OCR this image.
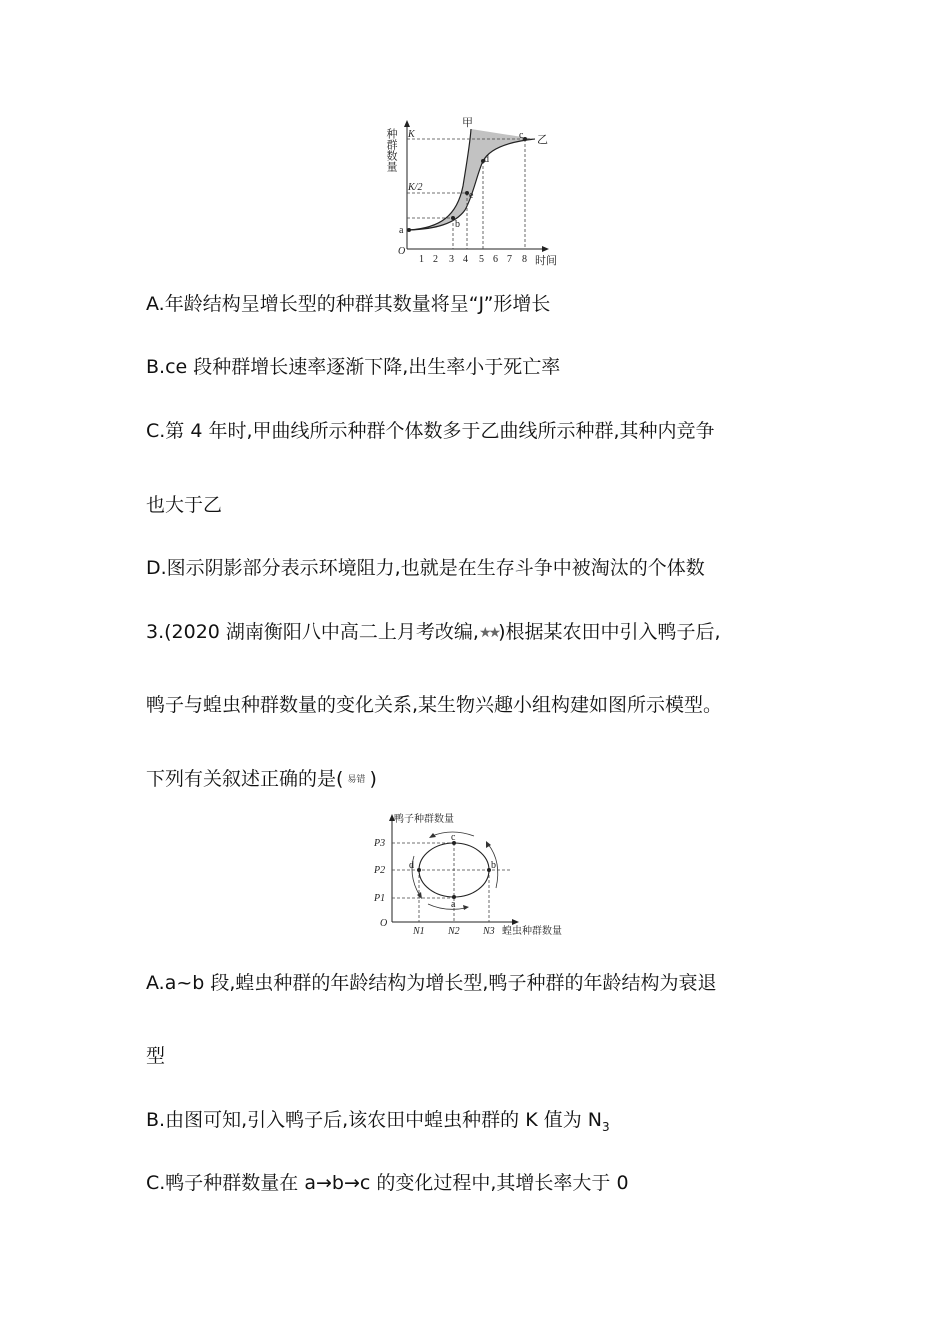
种群数量
O
K
K/2
甲
乙
a
b
c
d
e
1 2 3 4 5 6 7 8 时间
A.年龄结构呈增长型的种群其数量将呈“J”形增长
B.ce 段种群增长速率逐渐下降,出生率小于死亡率
C.第 4 年时,甲曲线所示种群个体数多于乙曲线所示种群,其种内竞争
也大于乙
D.图示阴影部分表示环境阻力,也就是在生存斗争中被淘汰的个体数
3.(2020 湖南衡阳八中高二上月考改编,★★)根据某农田中引入鸭子后,
鸭子与蝗虫种群数量的变化关系,某生物兴趣小组构建如图所示模型。
下列有关叙述正确的是( 易错 )
鸭子种群数量
O
P3
P2
P1
N1 N2 N3 蝗虫种群数量
a
b
c
d
A.a~b 段,蝗虫种群的年龄结构为增长型,鸭子种群的年龄结构为衰退
型
B.由图可知,引入鸭子后,该农田中蝗虫种群的 K 值为 $N_3$
C.鸭子种群数量在 a→b→c 的变化过程中,其增长率大于 0
